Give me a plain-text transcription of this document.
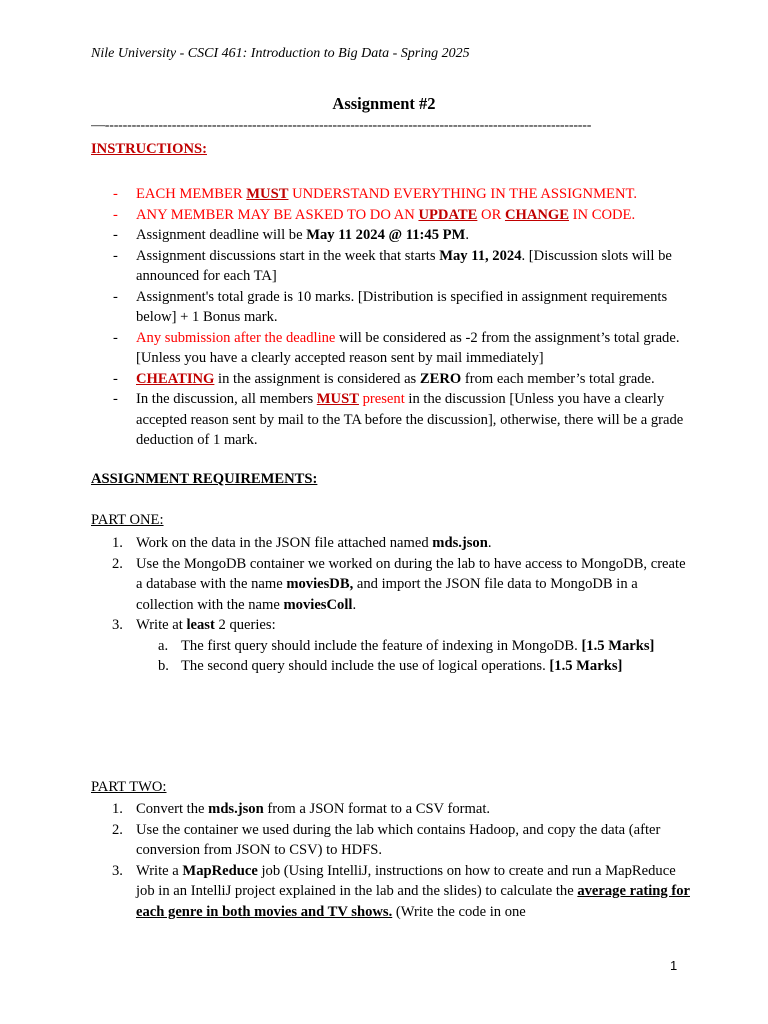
Nile University - CSCI 461: Introduction to Big Data - Spring 2025
Assignment #2
—-------------------------------------------------------------------------------------------------------------
INSTRUCTIONS:
- EACH MEMBER MUST UNDERSTAND EVERYTHING IN THE ASSIGNMENT.
- ANY MEMBER MAY BE ASKED TO DO AN UPDATE OR CHANGE IN CODE.
- Assignment deadline will be May 11 2024 @ 11:45 PM.
- Assignment discussions start in the week that starts May 11, 2024. [Discussion slots will be announced for each TA]
- Assignment's total grade is 10 marks. [Distribution is specified in assignment requirements below] + 1 Bonus mark.
- Any submission after the deadline will be considered as -2 from the assignment’s total grade. [Unless you have a clearly accepted reason sent by mail immediately]
- CHEATING in the assignment is considered as ZERO from each member’s total grade.
- In the discussion, all members MUST present in the discussion [Unless you have a clearly accepted reason sent by mail to the TA before the discussion], otherwise, there will be a grade deduction of 1 mark.
ASSIGNMENT REQUIREMENTS:
PART ONE:
1. Work on the data in the JSON file attached named mds.json.
2. Use the MongoDB container we worked on during the lab to have access to MongoDB, create a database with the name moviesDB, and import the JSON file data to MongoDB in a collection with the name moviesColl.
3. Write at least 2 queries:
a. The first query should include the feature of indexing in MongoDB. [1.5 Marks]
b. The second query should include the use of logical operations. [1.5 Marks]
PART TWO:
1. Convert the mds.json from a JSON format to a CSV format.
2. Use the container we used during the lab which contains Hadoop, and copy the data (after conversion from JSON to CSV) to HDFS.
3. Write a MapReduce job (Using IntelliJ, instructions on how to create and run a MapReduce job in an IntelliJ project explained in the lab and the slides) to calculate the average rating for each genre in both movies and TV shows. (Write the code in one
1
